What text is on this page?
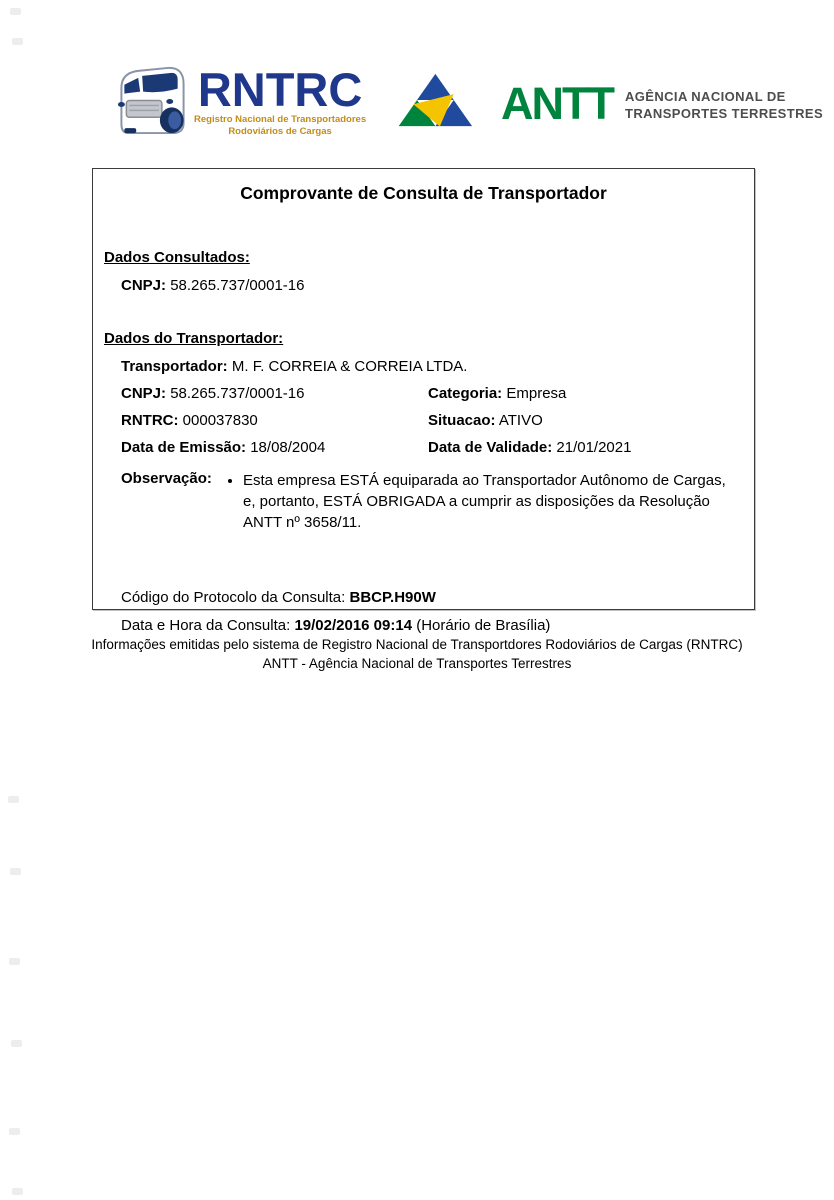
RNTRC
Registro Nacional de Transportadores
Rodoviários de Cargas
ANTT AGÊNCIA NACIONAL DE
TRANSPORTES TERRESTRES
Comprovante de Consulta de Transportador
Dados Consultados:
CNPJ: 58.265.737/0001-16
Dados do Transportador:
Transportador: M. F. CORREIA & CORREIA LTDA.
CNPJ: 58.265.737/0001-16	Categoria: Empresa
RNTRC: 000037830	Situacao: ATIVO
Data de Emissão: 18/08/2004	Data de Validade: 21/01/2021
Observação:	• Esta empresa ESTÁ equiparada ao Transportador Autônomo de Cargas, e, portanto, ESTÁ OBRIGADA a cumprir as disposições da Resolução ANTT nº 3658/11.
Código do Protocolo da Consulta: BBCP.H90W
Data e Hora da Consulta: 19/02/2016 09:14 (Horário de Brasília)
Informações emitidas pelo sistema de Registro Nacional de Transportdores Rodoviários de Cargas (RNTRC)
ANTT - Agência Nacional de Transportes Terrestres
